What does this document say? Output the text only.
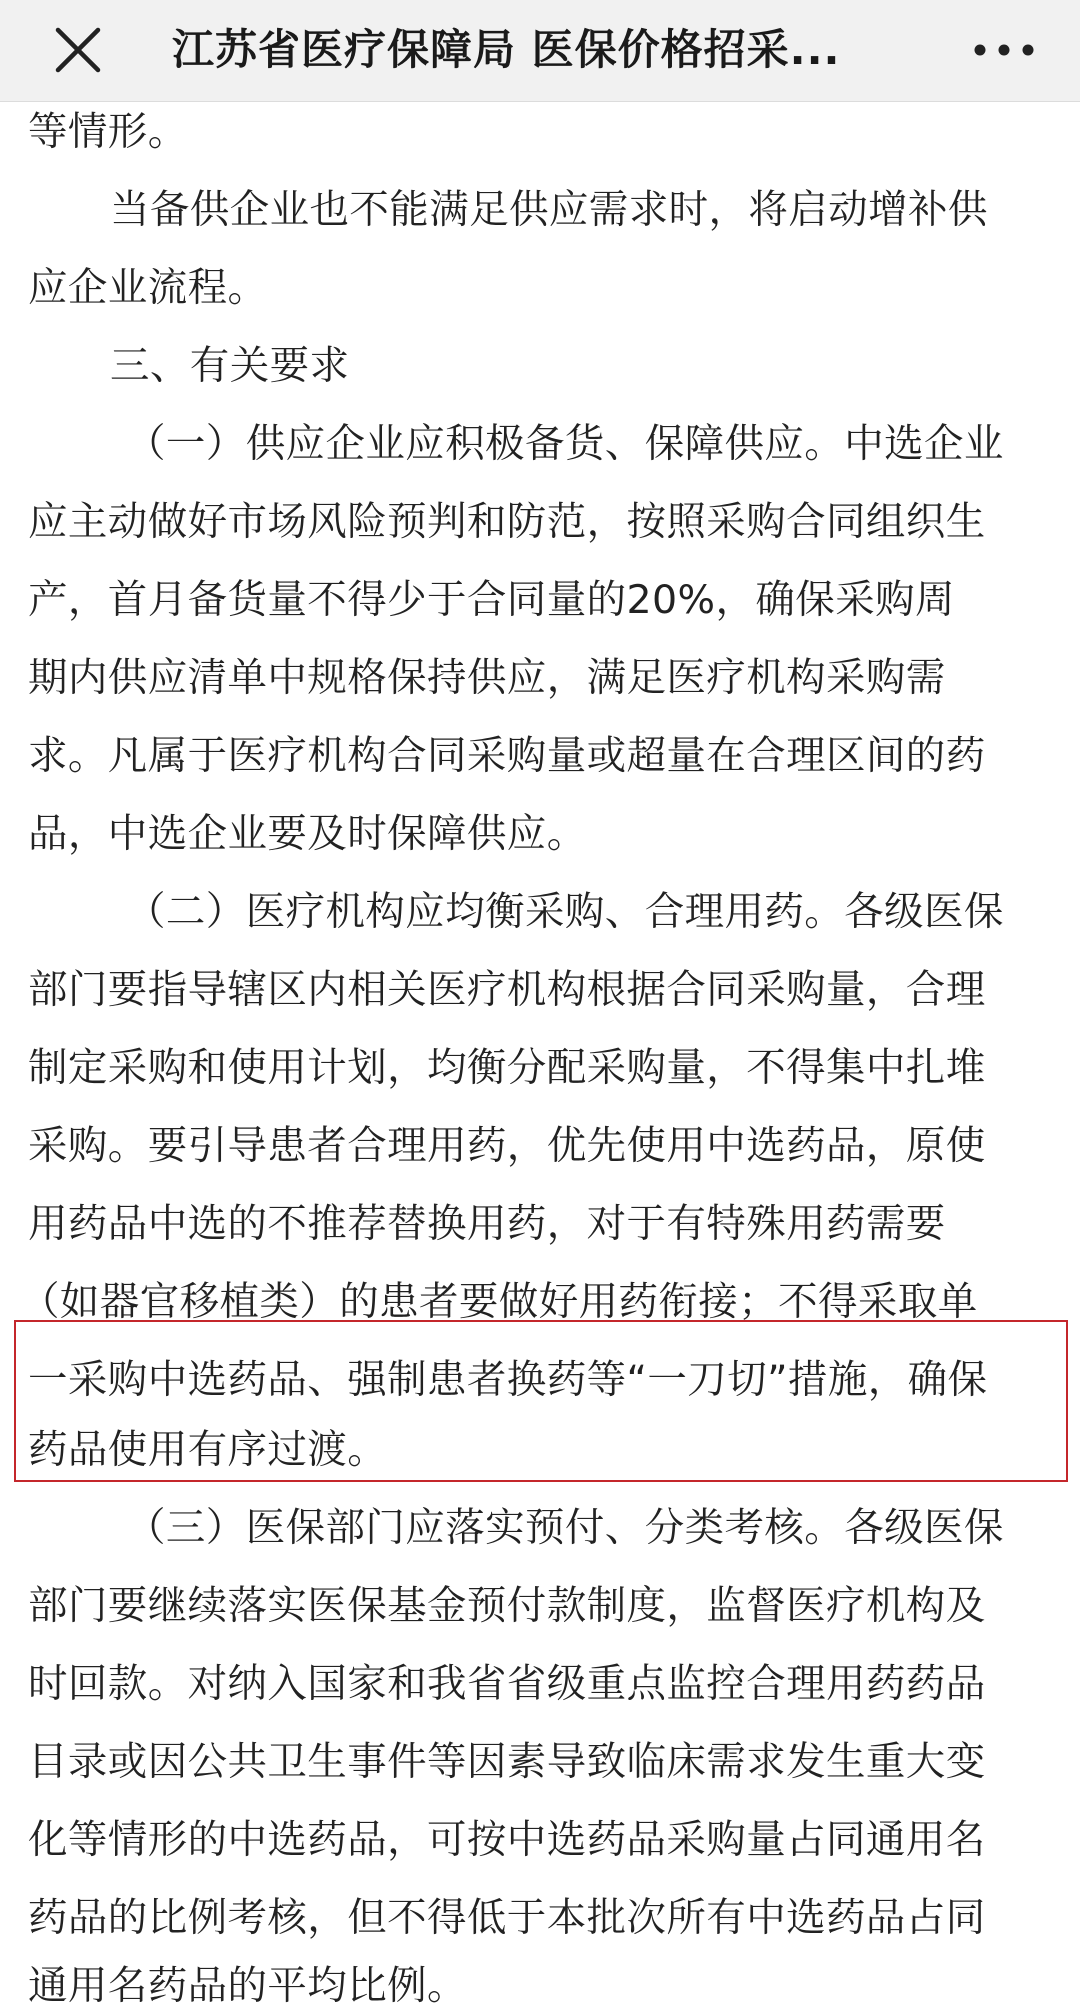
江苏省医疗保障局 医保价格招采...
等情形。
当备供企业也不能满足供应需求时，将启动增补供
应企业流程。
三、有关要求
（一）供应企业应积极备货、保障供应。中选企业
应主动做好市场风险预判和防范，按照采购合同组织生
产，首月备货量不得少于合同量的20%，确保采购周
期内供应清单中规格保持供应，满足医疗机构采购需
求。凡属于医疗机构合同采购量或超量在合理区间的药
品，中选企业要及时保障供应。
（二）医疗机构应均衡采购、合理用药。各级医保
部门要指导辖区内相关医疗机构根据合同采购量，合理
制定采购和使用计划，均衡分配采购量，不得集中扎堆
采购。要引导患者合理用药，优先使用中选药品，原使
用药品中选的不推荐替换用药，对于有特殊用药需要
（如器官移植类）的患者要做好用药衔接；不得采取单
一采购中选药品、强制患者换药等“一刀切”措施，确保
药品使用有序过渡。
（三）医保部门应落实预付、分类考核。各级医保
部门要继续落实医保基金预付款制度，监督医疗机构及
时回款。对纳入国家和我省省级重点监控合理用药药品
目录或因公共卫生事件等因素导致临床需求发生重大变
化等情形的中选药品，可按中选药品采购量占同通用名
药品的比例考核，但不得低于本批次所有中选药品占同
通用名药品的平均比例。
